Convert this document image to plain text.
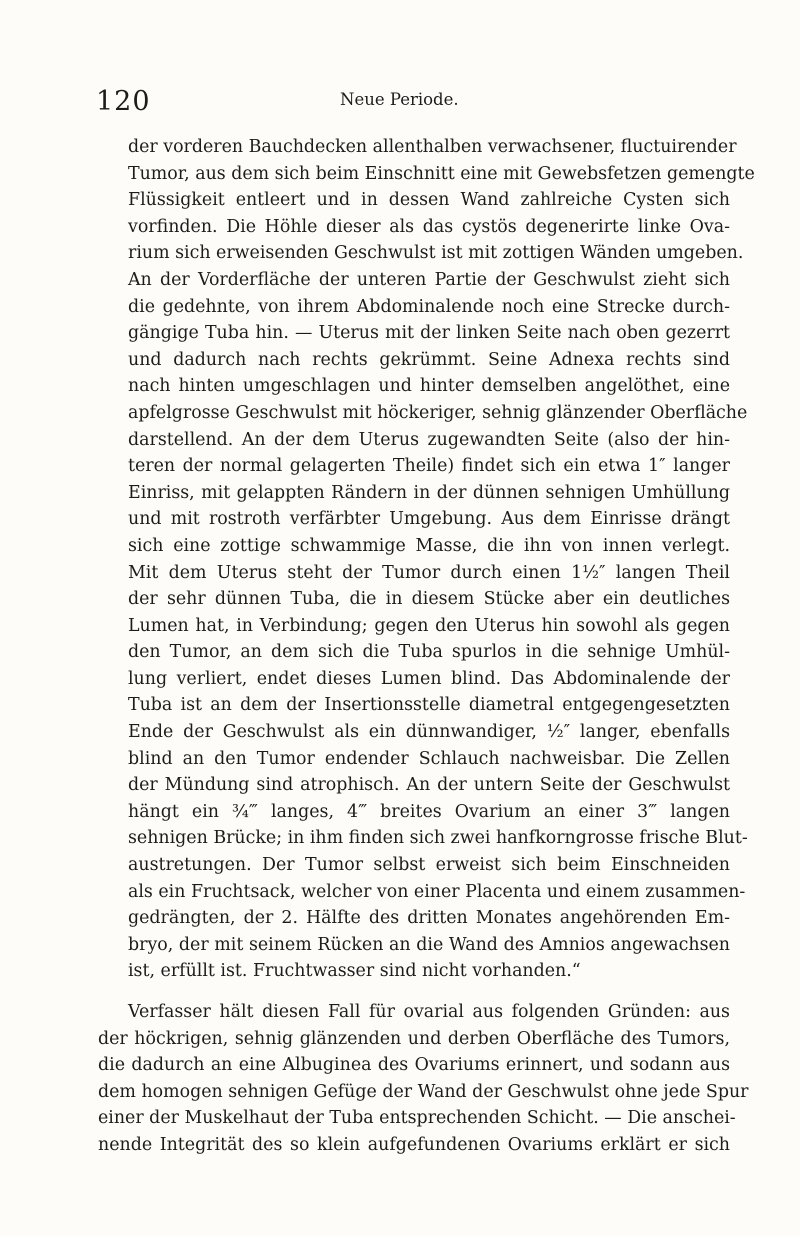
120	Neue Periode.
der vorderen Bauchdecken allenthalben verwachsener, fluctuirender
Tumor, aus dem sich beim Einschnitt eine mit Gewebsfetzen gemengte
Flüssigkeit entleert und in dessen Wand zahlreiche Cysten sich
vorfinden. Die Höhle dieser als das cystös degenerirte linke Ova-
rium sich erweisenden Geschwulst ist mit zottigen Wänden umgeben.
An der Vorderfläche der unteren Partie der Geschwulst zieht sich
die gedehnte, von ihrem Abdominalende noch eine Strecke durch-
gängige Tuba hin. — Uterus mit der linken Seite nach oben gezerrt
und dadurch nach rechts gekrümmt. Seine Adnexa rechts sind
nach hinten umgeschlagen und hinter demselben angelöthet, eine
apfelgrosse Geschwulst mit höckeriger, sehnig glänzender Oberfläche
darstellend. An der dem Uterus zugewandten Seite (also der hin-
teren der normal gelagerten Theile) findet sich ein etwa 1″ langer
Einriss, mit gelappten Rändern in der dünnen sehnigen Umhüllung
und mit rostroth verfärbter Umgebung. Aus dem Einrisse drängt
sich eine zottige schwammige Masse, die ihn von innen verlegt.
Mit dem Uterus steht der Tumor durch einen 1½″ langen Theil
der sehr dünnen Tuba, die in diesem Stücke aber ein deutliches
Lumen hat, in Verbindung; gegen den Uterus hin sowohl als gegen
den Tumor, an dem sich die Tuba spurlos in die sehnige Umhül-
lung verliert, endet dieses Lumen blind. Das Abdominalende der
Tuba ist an dem der Insertionsstelle diametral entgegengesetzten
Ende der Geschwulst als ein dünnwandiger, ½″ langer, ebenfalls
blind an den Tumor endender Schlauch nachweisbar. Die Zellen
der Mündung sind atrophisch. An der untern Seite der Geschwulst
hängt ein ¾‴ langes, 4‴ breites Ovarium an einer 3‴ langen
sehnigen Brücke; in ihm finden sich zwei hanfkorngrosse frische Blut-
austretungen. Der Tumor selbst erweist sich beim Einschneiden
als ein Fruchtsack, welcher von einer Placenta und einem zusammen-
gedrängten, der 2. Hälfte des dritten Monates angehörenden Em-
bryo, der mit seinem Rücken an die Wand des Amnios angewachsen
ist, erfüllt ist. Fruchtwasser sind nicht vorhanden.“
Verfasser hält diesen Fall für ovarial aus folgenden Gründen: aus
der höckrigen, sehnig glänzenden und derben Oberfläche des Tumors,
die dadurch an eine Albuginea des Ovariums erinnert, und sodann aus
dem homogen sehnigen Gefüge der Wand der Geschwulst ohne jede Spur
einer der Muskelhaut der Tuba entsprechenden Schicht. — Die anschei-
nende Integrität des so klein aufgefundenen Ovariums erklärt er sich
